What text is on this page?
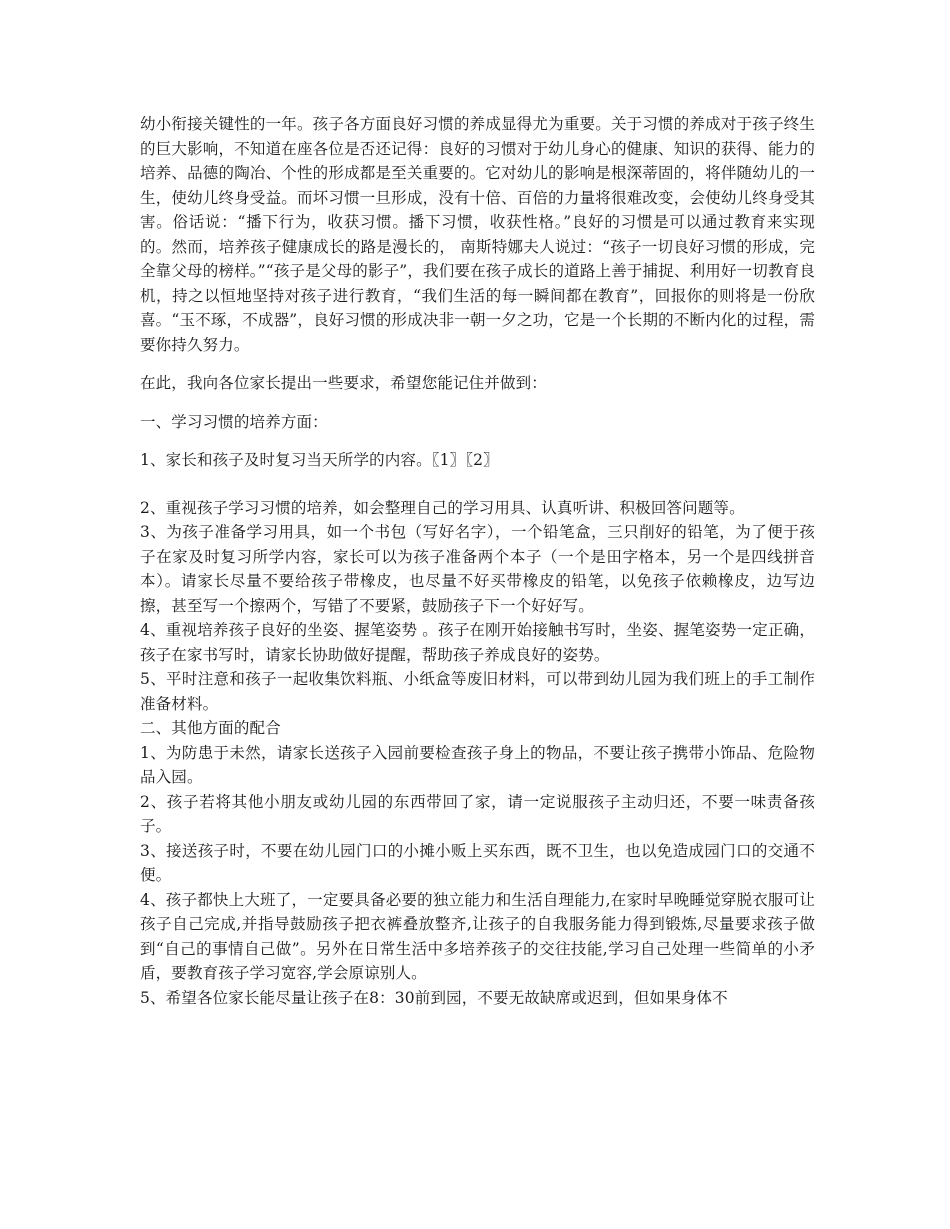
幼小衔接关键性的一年。孩子各方面良好习惯的养成显得尤为重要。关于习惯的养成对于孩子终生的巨大影响，不知道在座各位是否还记得：良好的习惯对于幼儿身心的健康、知识的获得、能力的培养、品德的陶冶、个性的形成都是至关重要的。它对幼儿的影响是根深蒂固的，将伴随幼儿的一生，使幼儿终身受益。而坏习惯一旦形成，没有十倍、百倍的力量将很难改变，会使幼儿终身受其害。俗话说：“播下行为，收获习惯。播下习惯，收获性格。”良好的习惯是可以通过教育来实现的。然而，培养孩子健康成长的路是漫长的， 南斯特娜夫人说过：“孩子一切良好习惯的形成，完全靠父母的榜样。”“孩子是父母的影子”，我们要在孩子成长的道路上善于捕捉、利用好一切教育良机，持之以恒地坚持对孩子进行教育，“我们生活的每一瞬间都在教育”，回报你的则将是一份欣喜。“玉不琢，不成器”，良好习惯的形成决非一朝一夕之功，它是一个长期的不断内化的过程，需要你持久努力。

在此，我向各位家长提出一些要求，希望您能记住并做到：

一、学习习惯的培养方面：

1、家长和孩子及时复习当天所学的内容。〖1〗〖2〗

2、重视孩子学习习惯的培养，如会整理自己的学习用具、认真听讲、积极回答问题等。

3、为孩子准备学习用具，如一个书包（写好名字），一个铅笔盒，三只削好的铅笔，为了便于孩子在家及时复习所学内容，家长可以为孩子准备两个本子（一个是田字格本，另一个是四线拼音本）。请家长尽量不要给孩子带橡皮，也尽量不好买带橡皮的铅笔，以免孩子依赖橡皮，边写边擦，甚至写一个擦两个，写错了不要紧，鼓励孩子下一个好好写。

4、重视培养孩子良好的坐姿、握笔姿势 。孩子在刚开始接触书写时，坐姿、握笔姿势一定正确，孩子在家书写时，请家长协助做好提醒，帮助孩子养成良好的姿势。

5、平时注意和孩子一起收集饮料瓶、小纸盒等废旧材料，可以带到幼儿园为我们班上的手工制作准备材料。

二、其他方面的配合

1、为防患于未然，请家长送孩子入园前要检查孩子身上的物品，不要让孩子携带小饰品、危险物品入园。

2、孩子若将其他小朋友或幼儿园的东西带回了家，请一定说服孩子主动归还，不要一味责备孩子。

3、接送孩子时，不要在幼儿园门口的小摊小贩上买东西，既不卫生，也以免造成园门口的交通不便。

4、孩子都快上大班了，一定要具备必要的独立能力和生活自理能力,在家时早晚睡觉穿脱衣服可让孩子自己完成,并指导鼓励孩子把衣裤叠放整齐,让孩子的自我服务能力得到锻炼,尽量要求孩子做到“自己的事情自己做”。另外在日常生活中多培养孩子的交往技能,学习自己处理一些简单的小矛盾，要教育孩子学习宽容,学会原谅别人。

5、希望各位家长能尽量让孩子在8：30前到园，不要无故缺席或迟到，但如果身体不
